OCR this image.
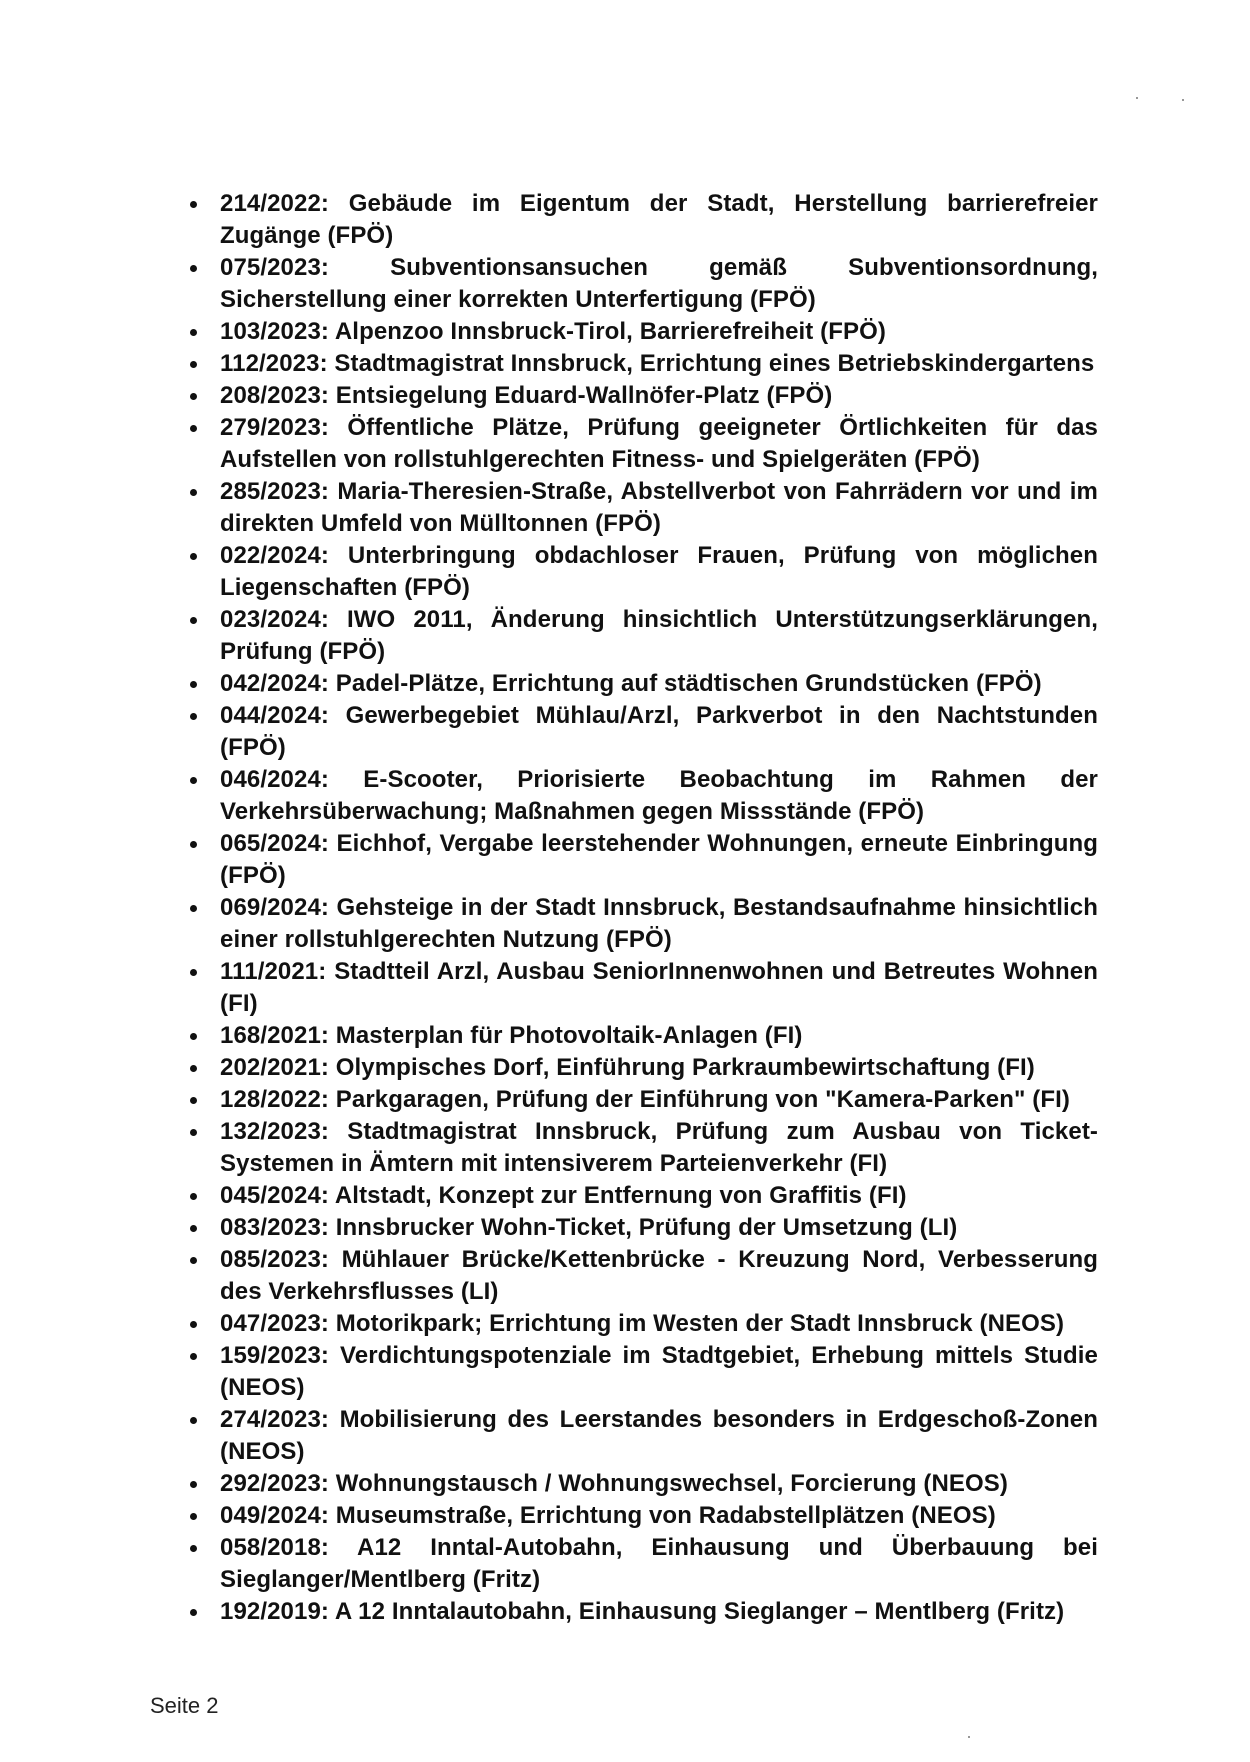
214/2022: Gebäude im Eigentum der Stadt, Herstellung barrierefreier Zugänge (FPÖ)
075/2023: Subventionsansuchen gemäß Subventionsordnung, Sicherstellung einer korrekten Unterfertigung (FPÖ)
103/2023: Alpenzoo Innsbruck-Tirol, Barrierefreiheit (FPÖ)
112/2023: Stadtmagistrat Innsbruck, Errichtung eines Betriebskindergartens
208/2023: Entsiegelung Eduard-Wallnöfer-Platz (FPÖ)
279/2023: Öffentliche Plätze, Prüfung geeigneter Örtlichkeiten für das Aufstellen von rollstuhlgerechten Fitness- und Spielgeräten (FPÖ)
285/2023: Maria-Theresien-Straße, Abstellverbot von Fahrrädern vor und im direkten Umfeld von Mülltonnen (FPÖ)
022/2024: Unterbringung obdachloser Frauen, Prüfung von möglichen Liegenschaften (FPÖ)
023/2024: IWO 2011, Änderung hinsichtlich Unterstützungserklärungen, Prüfung (FPÖ)
042/2024: Padel-Plätze, Errichtung auf städtischen Grundstücken (FPÖ)
044/2024: Gewerbegebiet Mühlau/Arzl, Parkverbot in den Nachtstunden (FPÖ)
046/2024: E-Scooter, Priorisierte Beobachtung im Rahmen der Verkehrsüberwachung; Maßnahmen gegen Missstände (FPÖ)
065/2024: Eichhof, Vergabe leerstehender Wohnungen, erneute Einbringung (FPÖ)
069/2024: Gehsteige in der Stadt Innsbruck, Bestandsaufnahme hinsichtlich einer rollstuhlgerechten Nutzung (FPÖ)
111/2021: Stadtteil Arzl, Ausbau SeniorInnenwohnen und Betreutes Wohnen (FI)
168/2021: Masterplan für Photovoltaik-Anlagen (FI)
202/2021: Olympisches Dorf, Einführung Parkraumbewirtschaftung (FI)
128/2022: Parkgaragen, Prüfung der Einführung von "Kamera-Parken" (FI)
132/2023: Stadtmagistrat Innsbruck, Prüfung zum Ausbau von Ticket-Systemen in Ämtern mit intensiverem Parteienverkehr (FI)
045/2024: Altstadt, Konzept zur Entfernung von Graffitis (FI)
083/2023: Innsbrucker Wohn-Ticket, Prüfung der Umsetzung (LI)
085/2023: Mühlauer Brücke/Kettenbrücke - Kreuzung Nord, Verbesserung des Verkehrsflusses (LI)
047/2023: Motorikpark; Errichtung im Westen der Stadt Innsbruck (NEOS)
159/2023: Verdichtungspotenziale im Stadtgebiet, Erhebung mittels Studie (NEOS)
274/2023: Mobilisierung des Leerstandes besonders in Erdgeschoß-Zonen (NEOS)
292/2023: Wohnungstausch / Wohnungswechsel, Forcierung (NEOS)
049/2024: Museumstraße, Errichtung von Radabstellplätzen (NEOS)
058/2018: A12 Inntal-Autobahn, Einhausung und Überbauung bei Sieglanger/Mentlberg (Fritz)
192/2019: A 12 Inntalautobahn, Einhausung Sieglanger – Mentlberg (Fritz)
Seite 2
